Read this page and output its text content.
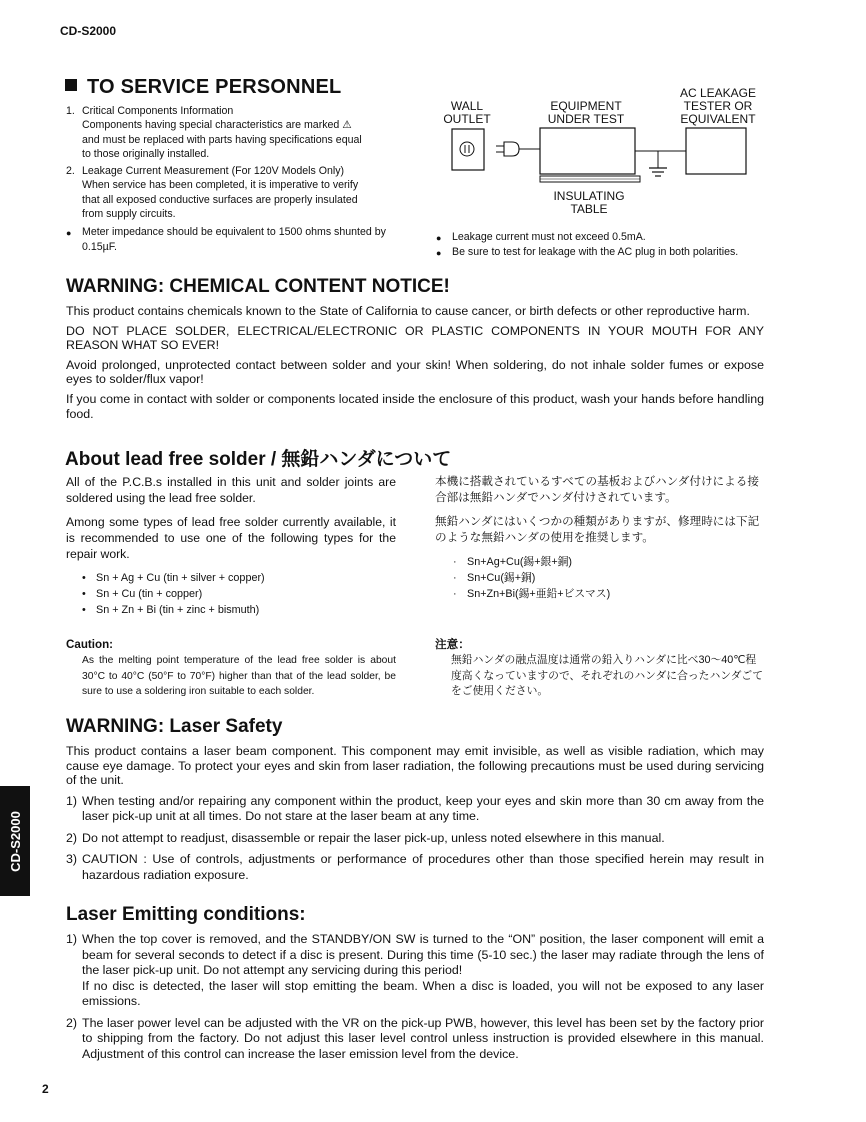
CD-S2000
CD-S2000
2
TO SERVICE PERSONNEL
1. Critical Components Information
Components having special characteristics are marked ⚠
and must be replaced with parts having specifications equal
to those originally installed.
2. Leakage Current Measurement (For 120V Models Only)
When service has been completed, it is imperative to verify
that all exposed conductive surfaces are properly insulated
from supply circuits.
● Meter impedance should be equivalent to 1500 ohms shunted by 0.15µF.
WALL
OUTLET
EQUIPMENT
UNDER TEST
AC LEAKAGE
TESTER OR
EQUIVALENT
INSULATING
TABLE
● Leakage current must not exceed 0.5mA.
● Be sure to test for leakage with the AC plug in both polarities.
WARNING: CHEMICAL CONTENT NOTICE!

This product contains chemicals known to the State of California to cause cancer, or birth defects or other reproductive harm.

DO NOT PLACE SOLDER, ELECTRICAL/ELECTRONIC OR PLASTIC COMPONENTS IN YOUR MOUTH FOR ANY REASON WHAT SO EVER!

Avoid prolonged, unprotected contact between solder and your skin! When soldering, do not inhale solder fumes or expose eyes to solder/flux vapor!

If you come in contact with solder or components located inside the enclosure of this product, wash your hands before handling food.

About lead free solder / 無鉛ハンダについて
All of the P.C.B.s installed in this unit and solder joints are soldered using the lead free solder.
Among some types of lead free solder currently available, it is recommended to use one of the following types for the repair work.
• Sn + Ag + Cu (tin + silver + copper)
• Sn + Cu (tin + copper)
• Sn + Zn + Bi (tin + zinc + bismuth)
Caution:
As the melting point temperature of the lead free solder is about 30°C to 40°C (50°F to 70°F) higher than that of the lead solder, be sure to use a soldering iron suitable to each solder.
本機に搭載されているすべての基板およびハンダ付けによる接合部は無鉛ハンダでハンダ付けされています。
無鉛ハンダにはいくつかの種類がありますが、修理時には下記のような無鉛ハンダの使用を推奨します。
· Sn+Ag+Cu(錫+銀+銅)
· Sn+Cu(錫+銅)
· Sn+Zn+Bi(錫+亜鉛+ビスマス)
注意：
無鉛ハンダの融点温度は通常の鉛入りハンダに比べ30〜40℃程度高くなっていますので、それぞれのハンダに合ったハンダごてをご使用ください。
WARNING: Laser Safety

This product contains a laser beam component. This component may emit invisible, as well as visible radiation, which may cause eye damage. To protect your eyes and skin from laser radiation, the following precautions must be used during servicing of the unit.

1) When testing and/or repairing any component within the product, keep your eyes and skin more than 30 cm away from the laser pick-up unit at all times. Do not stare at the laser beam at any time.
2) Do not attempt to readjust, disassemble or repair the laser pick-up, unless noted elsewhere in this manual.
3) CAUTION : Use of controls, adjustments or performance of procedures other than those specified herein may result in hazardous radiation exposure.
Laser Emitting conditions:
1) When the top cover is removed, and the STANDBY/ON SW is turned to the “ON” position, the laser component will emit a beam for several seconds to detect if a disc is present. During this time (5-10 sec.) the laser may radiate through the lens of the laser pick-up unit. Do not attempt any servicing during this period!
If no disc is detected, the laser will stop emitting the beam. When a disc is loaded, you will not be exposed to any laser emissions.
2) The laser power level can be adjusted with the VR on the pick-up PWB, however, this level has been set by the factory prior to shipping from the factory. Do not adjust this laser level control unless instruction is provided elsewhere in this manual. Adjustment of this control can increase the laser emission level from the device.
